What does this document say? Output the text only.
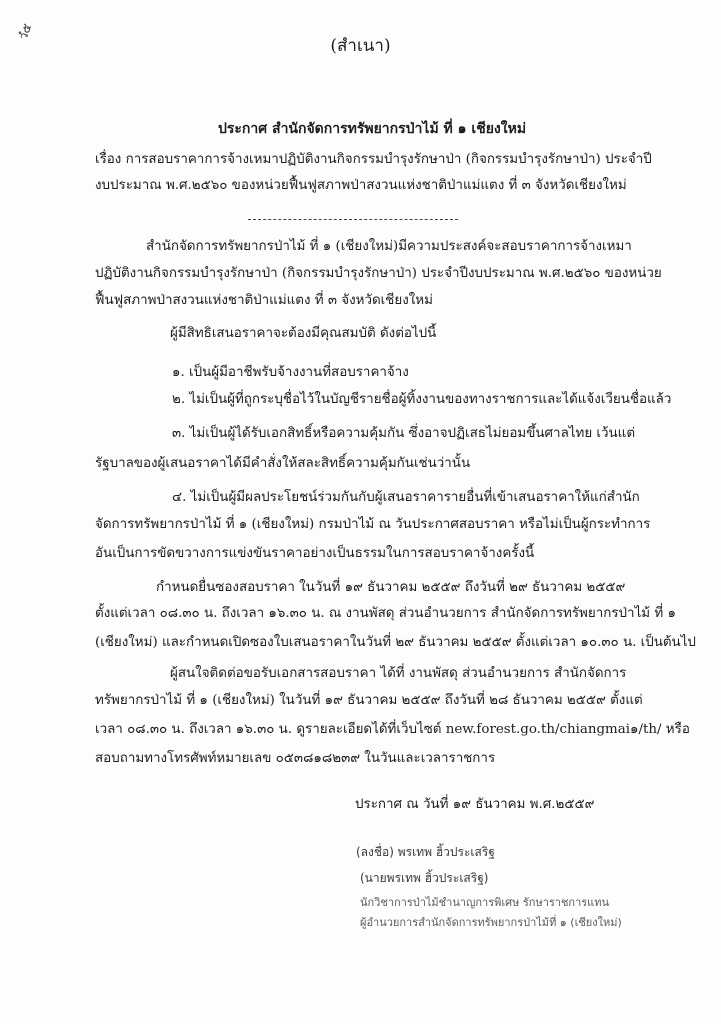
วํ๕
(สำเนา)
ประกาศ สำนักจัดการทรัพยากรป่าไม้ ที่ ๑ เชียงใหม่
เรื่อง การสอบราคาการจ้างเหมาปฏิบัติงานกิจกรรมบำรุงรักษาป่า (กิจกรรมบำรุงรักษาป่า) ประจำปี
งบประมาณ พ.ศ.๒๕๖๐ ของหน่วยฟื้นฟูสภาพป่าสงวนแห่งชาติป่าแม่แตง ที่ ๓ จังหวัดเชียงใหม่
สำนักจัดการทรัพยากรป่าไม้ ที่ ๑ (เชียงใหม่)มีความประสงค์จะสอบราคาการจ้างเหมา
ปฏิบัติงานกิจกรรมบำรุงรักษาป่า (กิจกรรมบำรุงรักษาป่า) ประจำปีงบประมาณ พ.ศ.๒๕๖๐ ของหน่วย
ฟื้นฟูสภาพป่าสงวนแห่งชาติป่าแม่แตง ที่ ๓ จังหวัดเชียงใหม่
ผู้มีสิทธิเสนอราคาจะต้องมีคุณสมบัติ ดังต่อไปนี้
๑. เป็นผู้มีอาชีพรับจ้างงานที่สอบราคาจ้าง
๒. ไม่เป็นผู้ที่ถูกระบุชื่อไว้ในบัญชีรายชื่อผู้ทิ้งงานของทางราชการและได้แจ้งเวียนชื่อแล้ว
๓. ไม่เป็นผู้ได้รับเอกสิทธิ์หรือความคุ้มกัน ซึ่งอาจปฏิเสธไม่ยอมขึ้นศาลไทย เว้นแต่
รัฐบาลของผู้เสนอราคาได้มีคำสั่งให้สละสิทธิ์ความคุ้มกันเช่นว่านั้น
๔. ไม่เป็นผู้มีผลประโยชน์ร่วมกันกับผู้เสนอราคารายอื่นที่เข้าเสนอราคาให้แก่สำนัก
จัดการทรัพยากรป่าไม้ ที่ ๑ (เชียงใหม่) กรมป่าไม้ ณ วันประกาศสอบราคา หรือไม่เป็นผู้กระทำการ
อันเป็นการขัดขวางการแข่งขันราคาอย่างเป็นธรรมในการสอบราคาจ้างครั้งนี้
กำหนดยื่นซองสอบราคา ในวันที่ ๑๙ ธันวาคม ๒๕๕๙ ถึงวันที่ ๒๙ ธันวาคม ๒๕๕๙
ตั้งแต่เวลา ๐๘.๓๐ น. ถึงเวลา ๑๖.๓๐ น. ณ งานพัสดุ ส่วนอำนวยการ สำนักจัดการทรัพยากรป่าไม้ ที่ ๑
(เชียงใหม่) และกำหนดเปิดซองใบเสนอราคาในวันที่ ๒๙ ธันวาคม ๒๕๕๙ ตั้งแต่เวลา ๑๐.๓๐ น. เป็นต้นไป
ผู้สนใจติดต่อขอรับเอกสารสอบราคา ได้ที่ งานพัสดุ ส่วนอำนวยการ สำนักจัดการ
ทรัพยากรป่าไม้ ที่ ๑ (เชียงใหม่) ในวันที่ ๑๙ ธันวาคม ๒๕๕๙ ถึงวันที่ ๒๘ ธันวาคม ๒๕๕๙ ตั้งแต่
เวลา ๐๘.๓๐ น. ถึงเวลา ๑๖.๓๐ น. ดูรายละเอียดได้ที่เว็บไซต์ new.forest.go.th/chiangmai๑/th/ หรือ
สอบถามทางโทรศัพท์หมายเลข ๐๕๓๘๑๘๒๓๙ ในวันและเวลาราชการ
ประกาศ ณ วันที่ ๑๙ ธันวาคม พ.ศ.๒๕๕๙
(ลงชื่อ) พรเทพ ฮิ้วประเสริฐ
(นายพรเทพ ฮิ้วประเสริฐ)
นักวิชาการป่าไม้ชำนาญการพิเศษ รักษาราชการแทน
ผู้อำนวยการสำนักจัดการทรัพยากรป่าไม้ที่ ๑ (เชียงใหม่)
